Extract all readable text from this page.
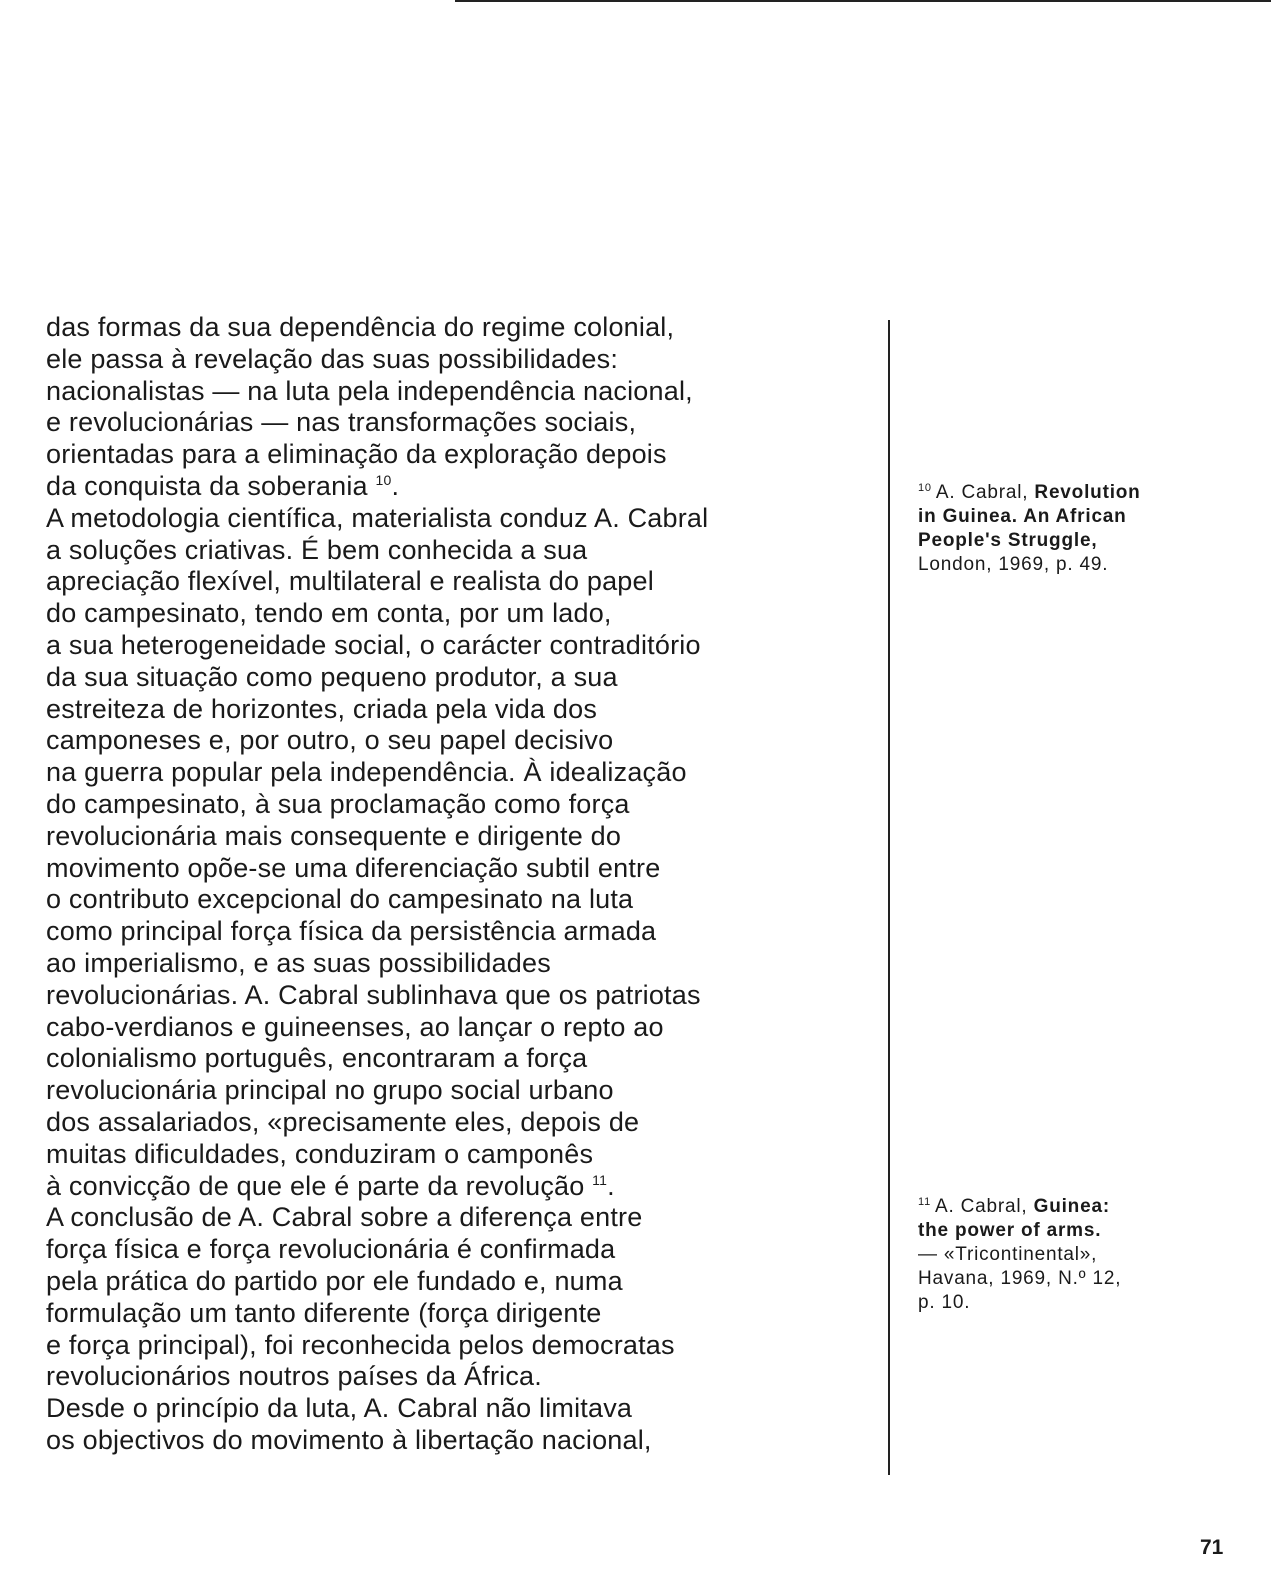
das formas da sua dependência do regime colonial,
ele passa à revelação das suas possibilidades:
nacionalistas — na luta pela independência nacional,
e revolucionárias — nas transformações sociais,
orientadas para a eliminação da exploração depois
da conquista da soberania $^{10}$.
A metodologia científica, materialista conduz A. Cabral
a soluções criativas. É bem conhecida a sua
apreciação flexível, multilateral e realista do papel
do campesinato, tendo em conta, por um lado,
a sua heterogeneidade social, o carácter contraditório
da sua situação como pequeno produtor, a sua
estreiteza de horizontes, criada pela vida dos
camponeses e, por outro, o seu papel decisivo
na guerra popular pela independência. À idealização
do campesinato, à sua proclamação como força
revolucionária mais consequente e dirigente do
movimento opõe-se uma diferenciação subtil entre
o contributo excepcional do campesinato na luta
como principal força física da persistência armada
ao imperialismo, e as suas possibilidades
revolucionárias. A. Cabral sublinhava que os patriotas
cabo-verdianos e guineenses, ao lançar o repto ao
colonialismo português, encontraram a força
revolucionária principal no grupo social urbano
dos assalariados, «precisamente eles, depois de
muitas dificuldades, conduziram o camponês
à convicção de que ele é parte da revolução $^{11}$.
A conclusão de A. Cabral sobre a diferença entre
força física e força revolucionária é confirmada
pela prática do partido por ele fundado e, numa
formulação um tanto diferente (força dirigente
e força principal), foi reconhecida pelos democratas
revolucionários noutros países da África.
Desde o princípio da luta, A. Cabral não limitava
os objectivos do movimento à libertação nacional,
$^{10}$ A. Cabral, Revolution
in Guinea. An African
People's Struggle,
London, 1969, p. 49.
$^{11}$ A. Cabral, Guinea:
the power of arms.
— «Tricontinental»,
Havana, 1969, N.º 12,
p. 10.
71
